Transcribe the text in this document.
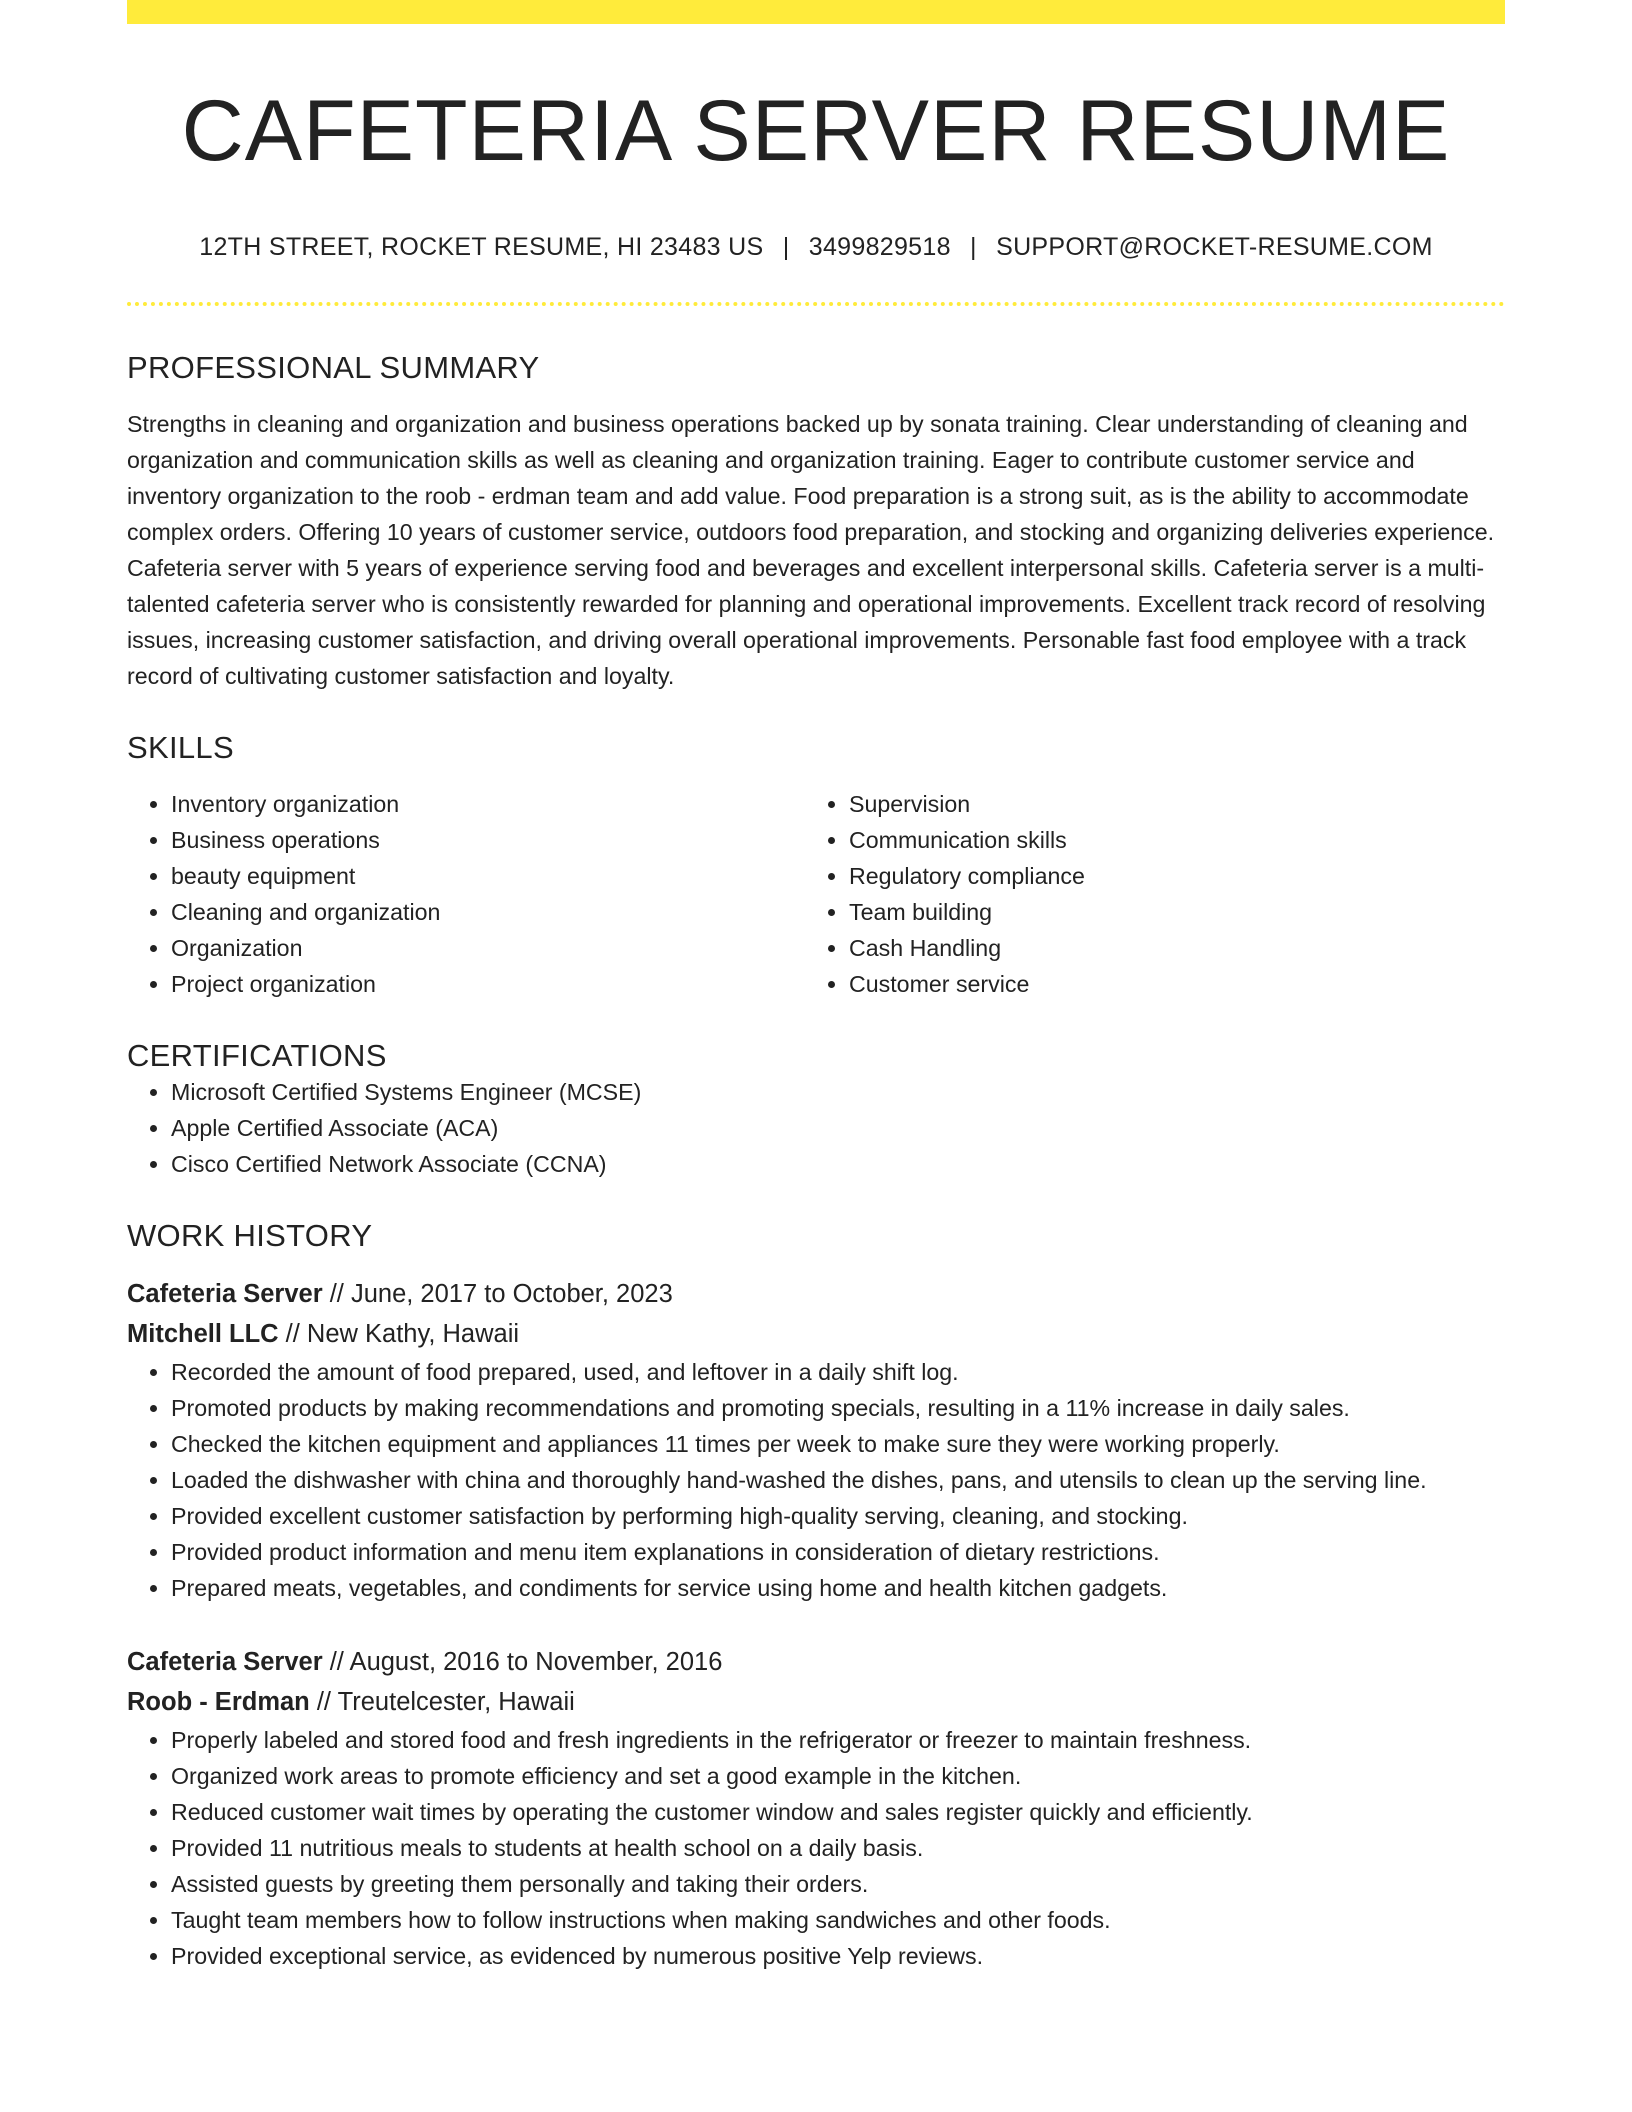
CAFETERIA SERVER RESUME
12TH STREET, ROCKET RESUME, HI 23483 US | 3499829518 | SUPPORT@ROCKET-RESUME.COM
PROFESSIONAL SUMMARY
Strengths in cleaning and organization and business operations backed up by sonata training. Clear understanding of cleaning and organization and communication skills as well as cleaning and organization training. Eager to contribute customer service and inventory organization to the roob - erdman team and add value. Food preparation is a strong suit, as is the ability to accommodate complex orders. Offering 10 years of customer service, outdoors food preparation, and stocking and organizing deliveries experience. Cafeteria server with 5 years of experience serving food and beverages and excellent interpersonal skills. Cafeteria server is a multi-talented cafeteria server who is consistently rewarded for planning and operational improvements. Excellent track record of resolving issues, increasing customer satisfaction, and driving overall operational improvements. Personable fast food employee with a track record of cultivating customer satisfaction and loyalty.
SKILLS
• Inventory organization
• Business operations
• beauty equipment
• Cleaning and organization
• Organization
• Project organization
• Supervision
• Communication skills
• Regulatory compliance
• Team building
• Cash Handling
• Customer service
CERTIFICATIONS
• Microsoft Certified Systems Engineer (MCSE)
• Apple Certified Associate (ACA)
• Cisco Certified Network Associate (CCNA)
WORK HISTORY
Cafeteria Server // June, 2017 to October, 2023
Mitchell LLC // New Kathy, Hawaii
• Recorded the amount of food prepared, used, and leftover in a daily shift log.
• Promoted products by making recommendations and promoting specials, resulting in a 11% increase in daily sales.
• Checked the kitchen equipment and appliances 11 times per week to make sure they were working properly.
• Loaded the dishwasher with china and thoroughly hand-washed the dishes, pans, and utensils to clean up the serving line.
• Provided excellent customer satisfaction by performing high-quality serving, cleaning, and stocking.
• Provided product information and menu item explanations in consideration of dietary restrictions.
• Prepared meats, vegetables, and condiments for service using home and health kitchen gadgets.
Cafeteria Server // August, 2016 to November, 2016
Roob - Erdman // Treutelcester, Hawaii
• Properly labeled and stored food and fresh ingredients in the refrigerator or freezer to maintain freshness.
• Organized work areas to promote efficiency and set a good example in the kitchen.
• Reduced customer wait times by operating the customer window and sales register quickly and efficiently.
• Provided 11 nutritious meals to students at health school on a daily basis.
• Assisted guests by greeting them personally and taking their orders.
• Taught team members how to follow instructions when making sandwiches and other foods.
• Provided exceptional service, as evidenced by numerous positive Yelp reviews.
